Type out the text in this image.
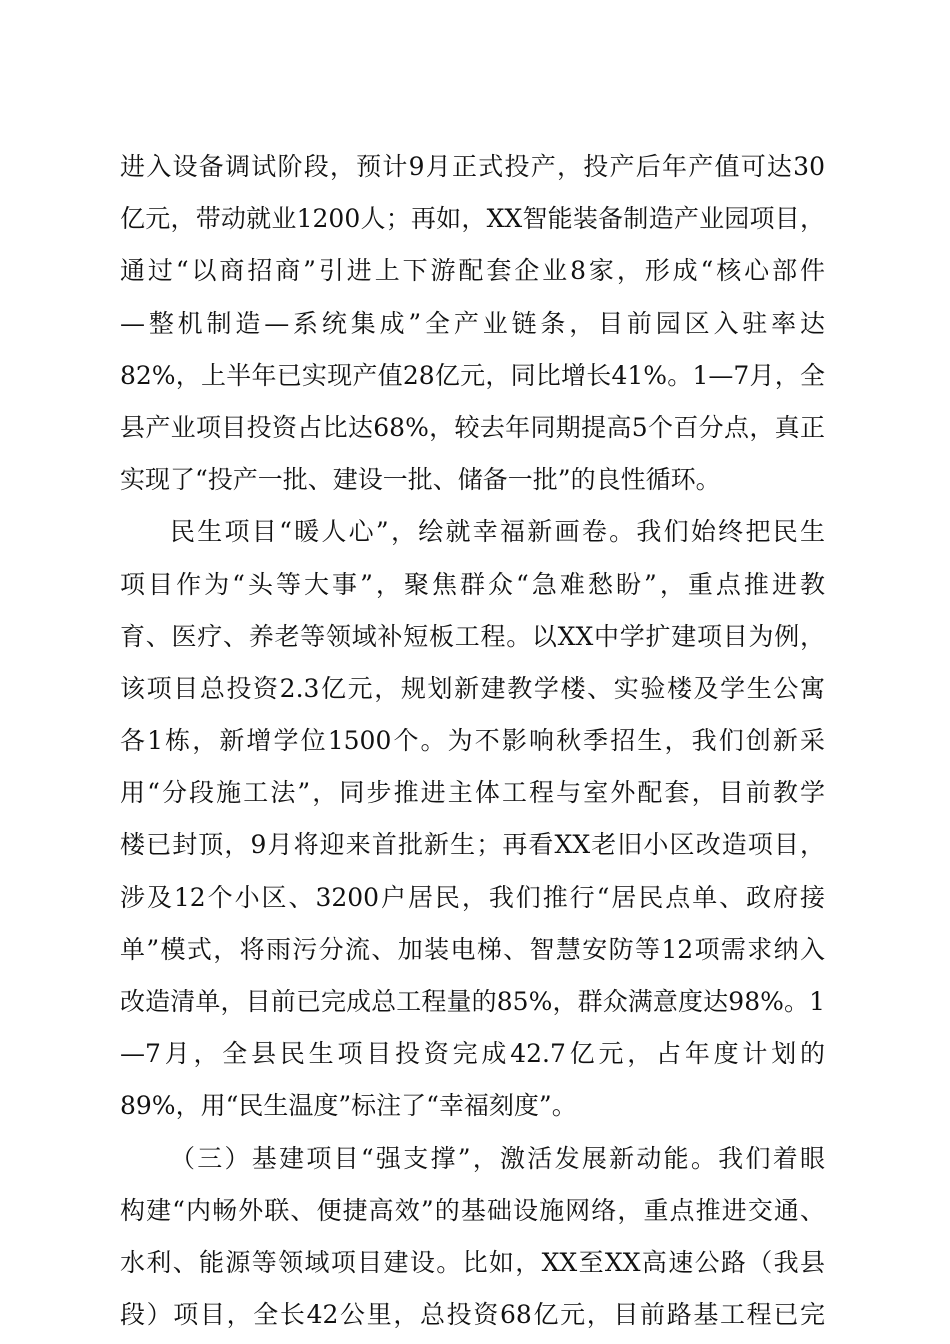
进入设备调试阶段，预计9月正式投产，投产后年产值可达30
亿元，带动就业1200人；再如，XX智能装备制造产业园项目，
通过“以商招商”引进上下游配套企业8家，形成“核心部件
—整机制造—系统集成”全产业链条，目前园区入驻率达
82%，上半年已实现产值28亿元，同比增长41%。1—7月，全
县产业项目投资占比达68%，较去年同期提高5个百分点，真正
实现了“投产一批、建设一批、储备一批”的良性循环。
民生项目“暖人心”，绘就幸福新画卷。我们始终把民生
项目作为“头等大事”，聚焦群众“急难愁盼”，重点推进教
育、医疗、养老等领域补短板工程。以XX中学扩建项目为例，
该项目总投资2.3亿元，规划新建教学楼、实验楼及学生公寓
各1栋，新增学位1500个。为不影响秋季招生，我们创新采
用“分段施工法”，同步推进主体工程与室外配套，目前教学
楼已封顶，9月将迎来首批新生；再看XX老旧小区改造项目，
涉及12个小区、3200户居民，我们推行“居民点单、政府接
单”模式，将雨污分流、加装电梯、智慧安防等12项需求纳入
改造清单，目前已完成总工程量的85%，群众满意度达98%。1
—7月，全县民生项目投资完成42.7亿元，占年度计划的
89%，用“民生温度”标注了“幸福刻度”。
（三）基建项目“强支撑”，激活发展新动能。我们着眼
构建“内畅外联、便捷高效”的基础设施网络，重点推进交通、
水利、能源等领域项目建设。比如，XX至XX高速公路（我县
段）项目，全长42公里，总投资68亿元，目前路基工程已完
